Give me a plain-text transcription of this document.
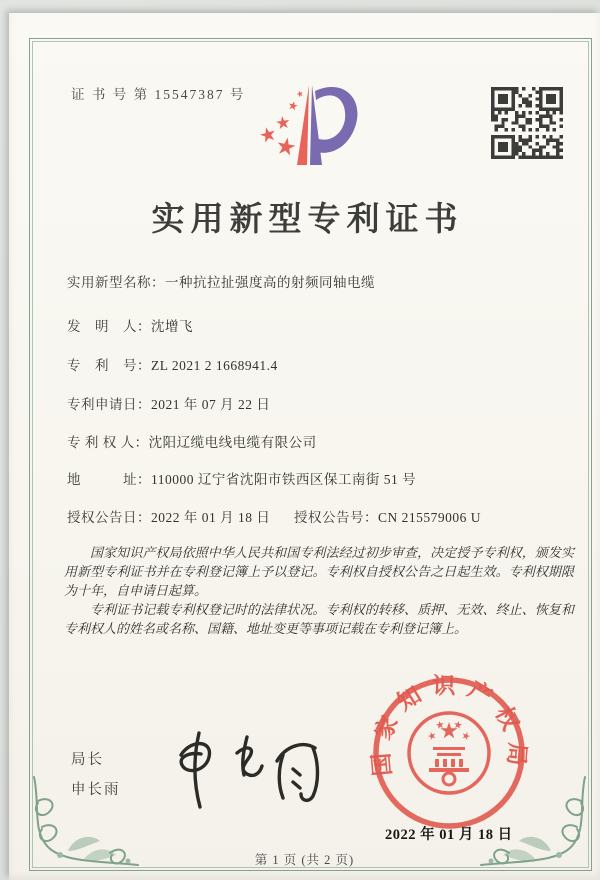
证 书 号 第 15547387 号
实用新型专利证书
实用新型名称：一种抗拉扯强度高的射频同轴电缆
发　明　人：沈增飞
专　利　号：ZL 2021 2 1668941.4
专利申请日：2021 年 07 月 22 日
专 利 权 人：沈阳辽缆电线电缆有限公司
地　　　址：110000 辽宁省沈阳市铁西区保工南街 51 号
授权公告日：2022 年 01 月 18 日 授权公告号：CN 215579006 U

国家知识产权局依照中华人民共和国专利法经过初步审查，决定授予专利权，颁发实用新型专利证书并在专利登记簿上予以登记。专利权自授权公告之日起生效。专利权期限为十年，自申请日起算。

专利证书记载专利权登记时的法律状况。专利权的转移、质押、无效、终止、恢复和专利权人的姓名或名称、国籍、地址变更等事项记载在专利登记簿上。

局长
申长雨
国家知识产权局
2022 年 01 月 18 日
第 1 页 (共 2 页)
